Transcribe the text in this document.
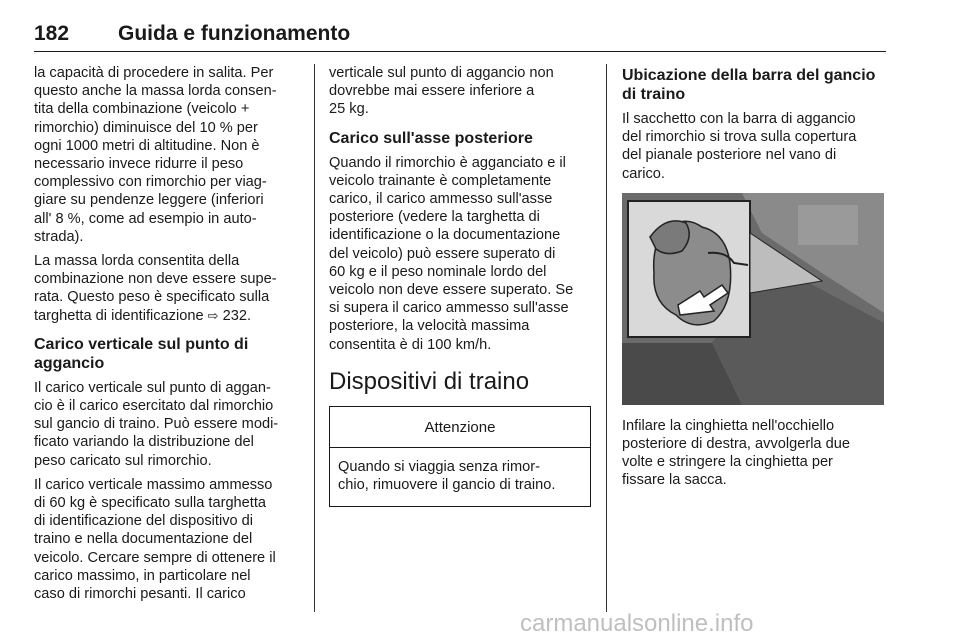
182 Guida e funzionamento

la capacità di procedere in salita. Per
questo anche la massa lorda consen-
tita della combinazione (veicolo +
rimorchio) diminuisce del 10 % per
ogni 1000 metri di altitudine. Non è
necessario invece ridurre il peso
complessivo con rimorchio per viag-
giare su pendenze leggere (inferiori
all' 8 %, come ad esempio in auto-
strada).

La massa lorda consentita della
combinazione non deve essere supe-
rata. Questo peso è specificato sulla
targhetta di identificazione ⇨ 232.

Carico verticale sul punto di
aggancio

Il carico verticale sul punto di aggan-
cio è il carico esercitato dal rimorchio
sul gancio di traino. Può essere modi-
ficato variando la distribuzione del
peso caricato sul rimorchio.

Il carico verticale massimo ammesso
di 60 kg è specificato sulla targhetta
di identificazione del dispositivo di
traino e nella documentazione del
veicolo. Cercare sempre di ottenere il
carico massimo, in particolare nel
caso di rimorchi pesanti. Il carico

verticale sul punto di aggancio non
dovrebbe mai essere inferiore a
25 kg.

Carico sull'asse posteriore

Quando il rimorchio è agganciato e il
veicolo trainante è completamente
carico, il carico ammesso sull'asse
posteriore (vedere la targhetta di
identificazione o la documentazione
del veicolo) può essere superato di
60 kg e il peso nominale lordo del
veicolo non deve essere superato. Se
si supera il carico ammesso sull'asse
posteriore, la velocità massima
consentita è di 100 km/h.

Dispositivi di traino
Attenzione
Quando si viaggia senza rimor-
chio, rimuovere il gancio di traino.
Ubicazione della barra del gancio
di traino

Il sacchetto con la barra di aggancio
del rimorchio si trova sulla copertura
del pianale posteriore nel vano di
carico.

Infilare la cinghietta nell'occhiello
posteriore di destra, avvolgerla due
volte e stringere la cinghietta per
fissare la sacca.

carmanualsonline.info
